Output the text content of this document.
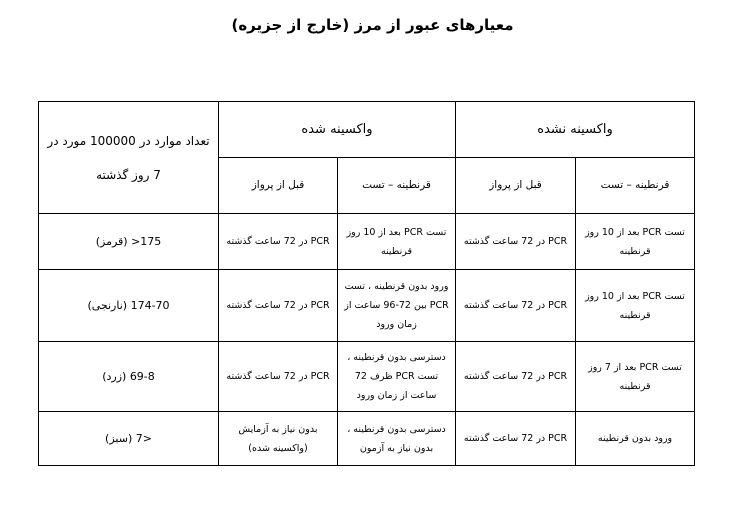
معیارهای عبور از مرز (خارج از جزیره)
تعداد موارد در 100000 مورد در 7 روز گذشته	واکسینه شده		واکسینه نشده	
	قبل از پرواز	قرنطینه – تست	قبل از پرواز	قرنطینه – تست
175< (قرمز)	PCR در 72 ساعت گذشته	تست PCR بعد از 10 روز قرنطینه	PCR در 72 ساعت گذشته	تست PCR بعد از 10 روز قرنطینه
174-70 (نارنجی)	PCR در 72 ساعت گذشته	ورود بدون قرنطینه ، تست PCR بین 72-96 ساعت از زمان ورود	PCR در 72 ساعت گذشته	تست PCR بعد از 10 روز قرنطینه
69-8 (زرد)	PCR در 72 ساعت گذشته	دسترسی بدون قرنطینه ، تست PCR ظرف 72 ساعت از زمان ورود	PCR در 72 ساعت گذشته	تست PCR بعد از 7 روز قرنطینه
<7 (سبز)	بدون نیاز به آزمایش (واکسینه شده)	دسترسی بدون قرنطینه ، بدون نیاز به آزمون	PCR در 72 ساعت گذشته	ورود بدون قرنطینه
